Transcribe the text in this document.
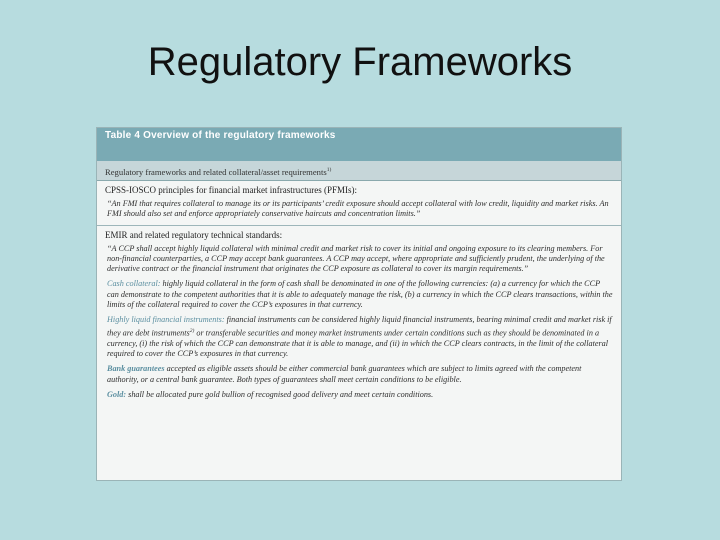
Regulatory Frameworks
Table 4 Overview of the regulatory frameworks
Regulatory frameworks and related collateral/asset requirements$^{1)}$
CPSS-IOSCO principles for financial market infrastructures (PFMIs):
“An FMI that requires collateral to manage its or its participants’ credit exposure should accept collateral with low credit, liquidity and market risks. An FMI should also set and enforce appropriately conservative haircuts and concentration limits.”
EMIR and related regulatory technical standards:
“A CCP shall accept highly liquid collateral with minimal credit and market risk to cover its initial and ongoing exposure to its clearing members. For non-financial counterparties, a CCP may accept bank guarantees. A CCP may accept, where appropriate and sufficiently prudent, the underlying of the derivative contract or the financial instrument that originates the CCP exposure as collateral to cover its margin requirements.”
Cash collateral: highly liquid collateral in the form of cash shall be denominated in one of the following currencies: (a) a currency for which the CCP can demonstrate to the competent authorities that it is able to adequately manage the risk, (b) a currency in which the CCP clears transactions, within the limits of the collateral required to cover the CCP’s exposures in that currency.
Highly liquid financial instruments: financial instruments can be considered highly liquid financial instruments, bearing minimal credit and market risk if they are debt instruments$^{2)}$ or transferable securities and money market instruments under certain conditions such as they should be denominated in a currency, (i) the risk of which the CCP can demonstrate that it is able to manage, and (ii) in which the CCP clears contracts, in the limit of the collateral required to cover the CCP’s exposures in that currency.
Bank guarantees accepted as eligible assets should be either commercial bank guarantees which are subject to limits agreed with the competent authority, or a central bank guarantee. Both types of guarantees shall meet certain conditions to be eligible.
Gold: shall be allocated pure gold bullion of recognised good delivery and meet certain conditions.
